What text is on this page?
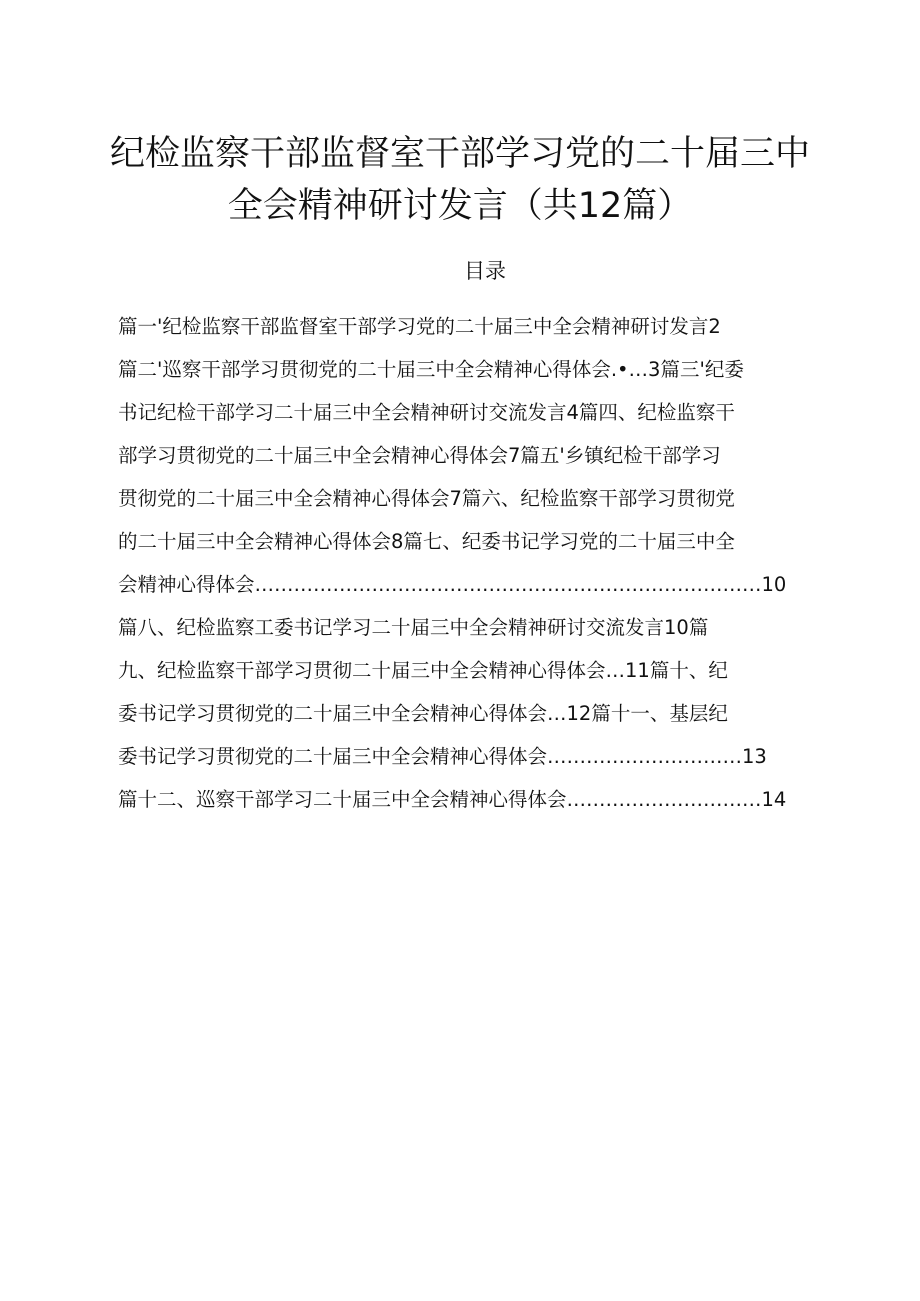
纪检监察干部监督室干部学习党的二十届三中
全会精神研讨发言（共12篇）
目录
篇一'纪检监察干部监督室干部学习党的二十届三中全会精神研讨发言2
篇二'巡察干部学习贯彻党的二十届三中全会精神心得体会.•…3篇三'纪委
书记纪检干部学习二十届三中全会精神研讨交流发言4篇四、纪检监察干
部学习贯彻党的二十届三中全会精神心得体会7篇五'乡镇纪检干部学习
贯彻党的二十届三中全会精神心得体会7篇六、纪检监察干部学习贯彻党
的二十届三中全会精神心得体会8篇七、纪委书记学习党的二十届三中全
会精神心得体会……………………………………………………………………10
篇八、纪检监察工委书记学习二十届三中全会精神研讨交流发言10篇
九、纪检监察干部学习贯彻二十届三中全会精神心得体会…11篇十、纪
委书记学习贯彻党的二十届三中全会精神心得体会…12篇十一、基层纪
委书记学习贯彻党的二十届三中全会精神心得体会…………………………13
篇十二、巡察干部学习二十届三中全会精神心得体会…………………………14
